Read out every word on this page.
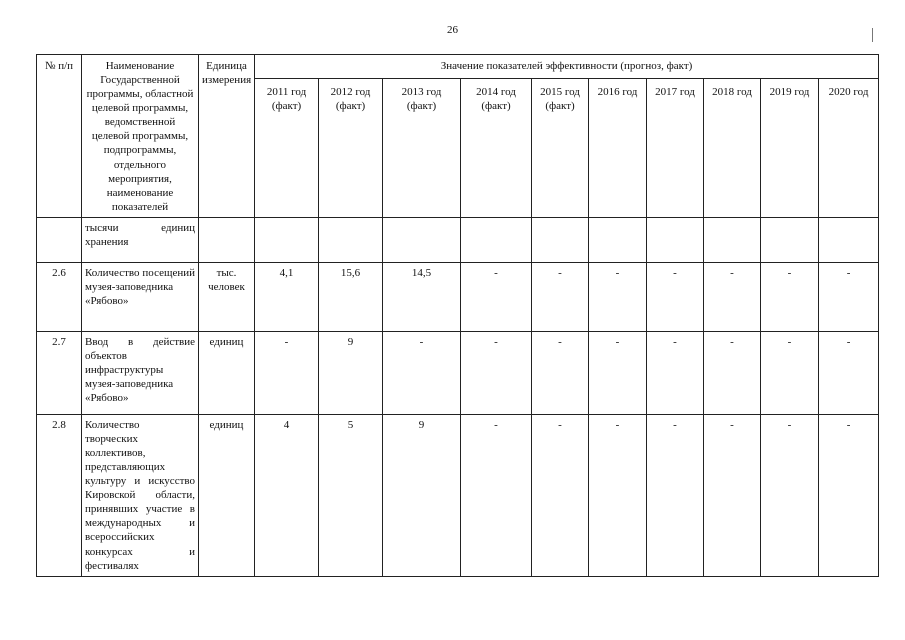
26
№ п/п	Наименование Государственной программы, областной целевой программы, ведомственной целевой программы, подпрограммы, отдельного мероприятия, наименование показателей	Единица измерения	Значение показателей эффективности (прогноз, факт)									
			2011 год (факт)	2012 год (факт)	2013 год (факт)	2014 год (факт)	2015 год (факт)	2016 год	2017 год	2018 год	2019 год	2020 год
	тысячи единиц хранения											
2.6	Количество посещений музея-заповедника «Рябово»	тыс. человек	4,1	15,6	14,5	-	-	-	-	-	-	-
2.7	Ввод в действие объектов инфраструктуры музея-заповедника «Рябово»	единиц	-	9	-	-	-	-	-	-	-	-
2.8	Количество творческих коллективов, представляющих культуру и искусство Кировской области, принявших участие в международных и всероссийских конкурсах и фестивалях	единиц	4	5	9	-	-	-	-	-	-	-
